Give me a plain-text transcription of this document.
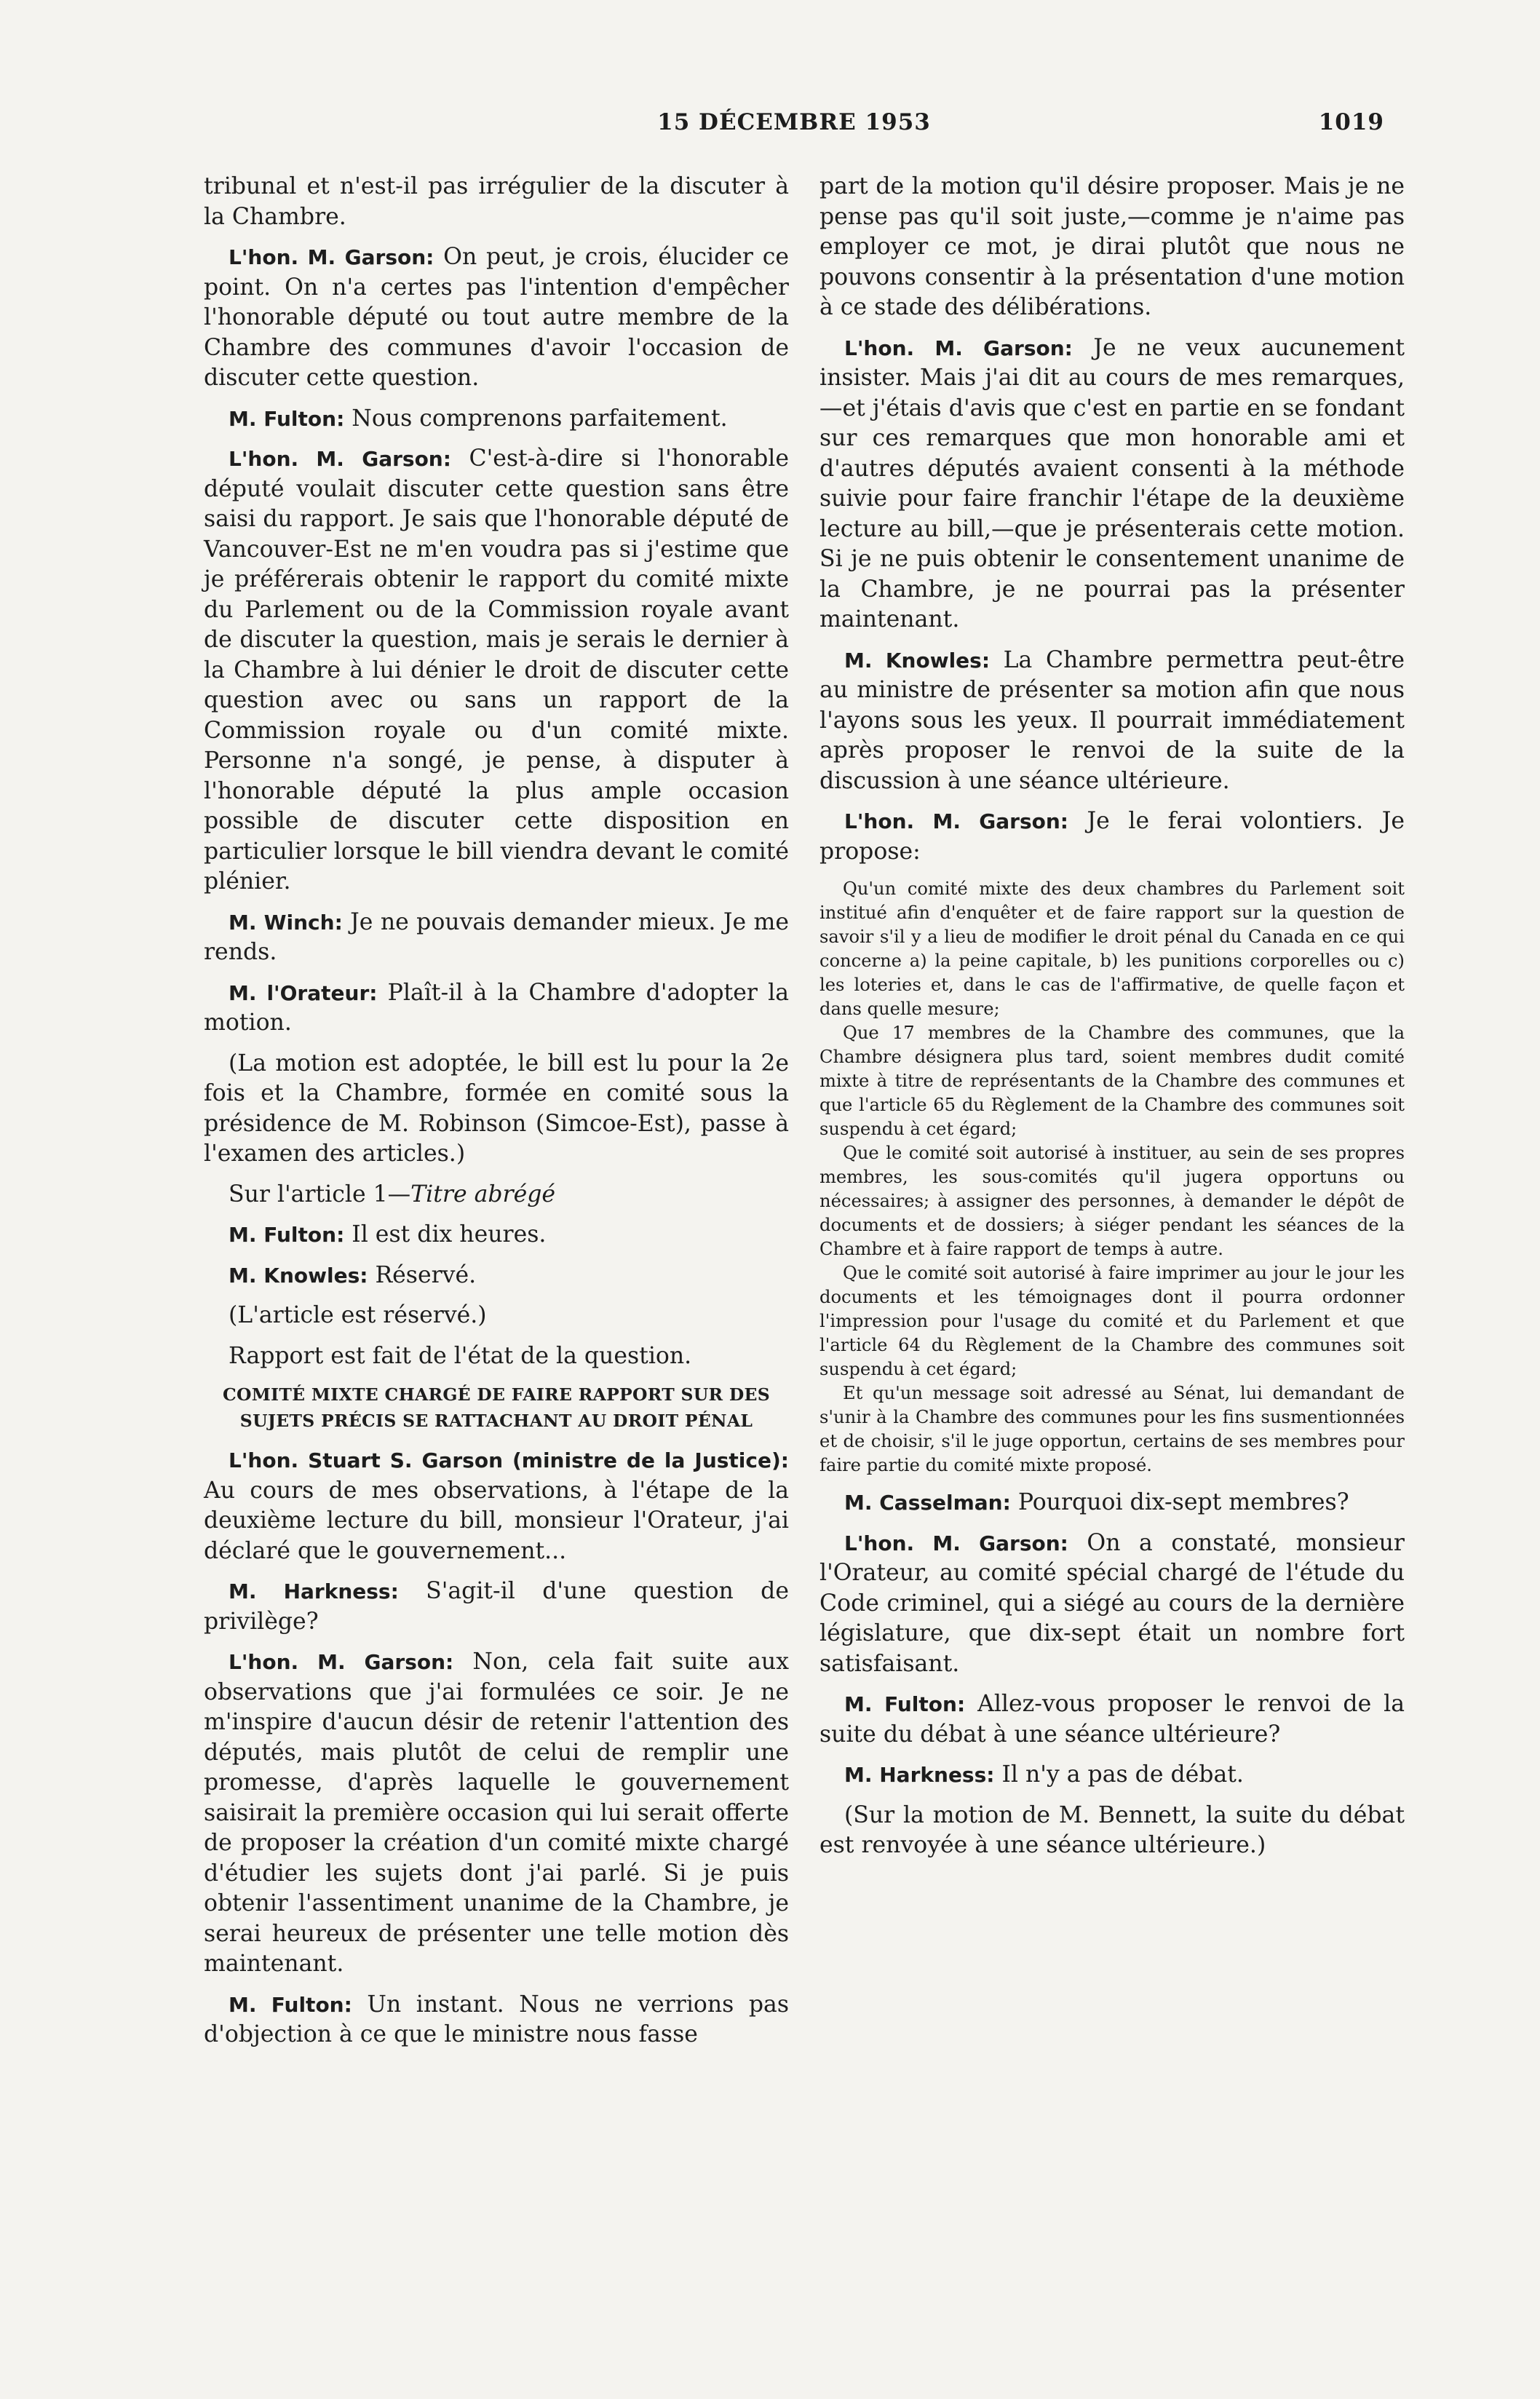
15 DÉCEMBRE 1953	1019

tribunal et n'est-il pas irrégulier de la discuter à la Chambre.

L'hon. M. Garson: On peut, je crois, élucider ce point. On n'a certes pas l'intention d'empêcher l'honorable député ou tout autre membre de la Chambre des communes d'avoir l'occasion de discuter cette question.

M. Fulton: Nous comprenons parfaitement.

L'hon. M. Garson: C'est-à-dire si l'honorable député voulait discuter cette question sans être saisi du rapport. Je sais que l'honorable député de Vancouver-Est ne m'en voudra pas si j'estime que je préférerais obtenir le rapport du comité mixte du Parlement ou de la Commission royale avant de discuter la question, mais je serais le dernier à la Chambre à lui dénier le droit de discuter cette question avec ou sans un rapport de la Commission royale ou d'un comité mixte. Personne n'a songé, je pense, à disputer à l'honorable député la plus ample occasion possible de discuter cette disposition en particulier lorsque le bill viendra devant le comité plénier.

M. Winch: Je ne pouvais demander mieux. Je me rends.

M. l'Orateur: Plaît-il à la Chambre d'adopter la motion.

(La motion est adoptée, le bill est lu pour la 2e fois et la Chambre, formée en comité sous la présidence de M. Robinson (Simcoe-Est), passe à l'examen des articles.)

Sur l'article 1—Titre abrégé

M. Fulton: Il est dix heures.

M. Knowles: Réservé.

(L'article est réservé.)

Rapport est fait de l'état de la question.

COMITÉ MIXTE CHARGÉ DE FAIRE RAPPORT SUR DES SUJETS PRÉCIS SE RATTACHANT AU DROIT PÉNAL

L'hon. Stuart S. Garson (ministre de la Justice): Au cours de mes observations, à l'étape de la deuxième lecture du bill, monsieur l'Orateur, j'ai déclaré que le gouvernement...

M. Harkness: S'agit-il d'une question de privilège?

L'hon. M. Garson: Non, cela fait suite aux observations que j'ai formulées ce soir. Je ne m'inspire d'aucun désir de retenir l'attention des députés, mais plutôt de celui de remplir une promesse, d'après laquelle le gouvernement saisirait la première occasion qui lui serait offerte de proposer la création d'un comité mixte chargé d'étudier les sujets dont j'ai parlé. Si je puis obtenir l'assentiment unanime de la Chambre, je serai heureux de présenter une telle motion dès maintenant.

M. Fulton: Un instant. Nous ne verrions pas d'objection à ce que le ministre nous fasse

part de la motion qu'il désire proposer. Mais je ne pense pas qu'il soit juste,—comme je n'aime pas employer ce mot, je dirai plutôt que nous ne pouvons consentir à la présentation d'une motion à ce stade des délibérations.

L'hon. M. Garson: Je ne veux aucunement insister. Mais j'ai dit au cours de mes remarques,—et j'étais d'avis que c'est en partie en se fondant sur ces remarques que mon honorable ami et d'autres députés avaient consenti à la méthode suivie pour faire franchir l'étape de la deuxième lecture au bill,—que je présenterais cette motion. Si je ne puis obtenir le consentement unanime de la Chambre, je ne pourrai pas la présenter maintenant.

M. Knowles: La Chambre permettra peut-être au ministre de présenter sa motion afin que nous l'ayons sous les yeux. Il pourrait immédiatement après proposer le renvoi de la suite de la discussion à une séance ultérieure.

L'hon. M. Garson: Je le ferai volontiers. Je propose:

Qu'un comité mixte des deux chambres du Parlement soit institué afin d'enquêter et de faire rapport sur la question de savoir s'il y a lieu de modifier le droit pénal du Canada en ce qui concerne a) la peine capitale, b) les punitions corporelles ou c) les loteries et, dans le cas de l'affirmative, de quelle façon et dans quelle mesure;

Que 17 membres de la Chambre des communes, que la Chambre désignera plus tard, soient membres dudit comité mixte à titre de représentants de la Chambre des communes et que l'article 65 du Règlement de la Chambre des communes soit suspendu à cet égard;

Que le comité soit autorisé à instituer, au sein de ses propres membres, les sous-comités qu'il jugera opportuns ou nécessaires; à assigner des personnes, à demander le dépôt de documents et de dossiers; à siéger pendant les séances de la Chambre et à faire rapport de temps à autre.

Que le comité soit autorisé à faire imprimer au jour le jour les documents et les témoignages dont il pourra ordonner l'impression pour l'usage du comité et du Parlement et que l'article 64 du Règlement de la Chambre des communes soit suspendu à cet égard;

Et qu'un message soit adressé au Sénat, lui demandant de s'unir à la Chambre des communes pour les fins susmentionnées et de choisir, s'il le juge opportun, certains de ses membres pour faire partie du comité mixte proposé.

M. Casselman: Pourquoi dix-sept membres?

L'hon. M. Garson: On a constaté, monsieur l'Orateur, au comité spécial chargé de l'étude du Code criminel, qui a siégé au cours de la dernière législature, que dix-sept était un nombre fort satisfaisant.

M. Fulton: Allez-vous proposer le renvoi de la suite du débat à une séance ultérieure?

M. Harkness: Il n'y a pas de débat.

(Sur la motion de M. Bennett, la suite du débat est renvoyée à une séance ultérieure.)
